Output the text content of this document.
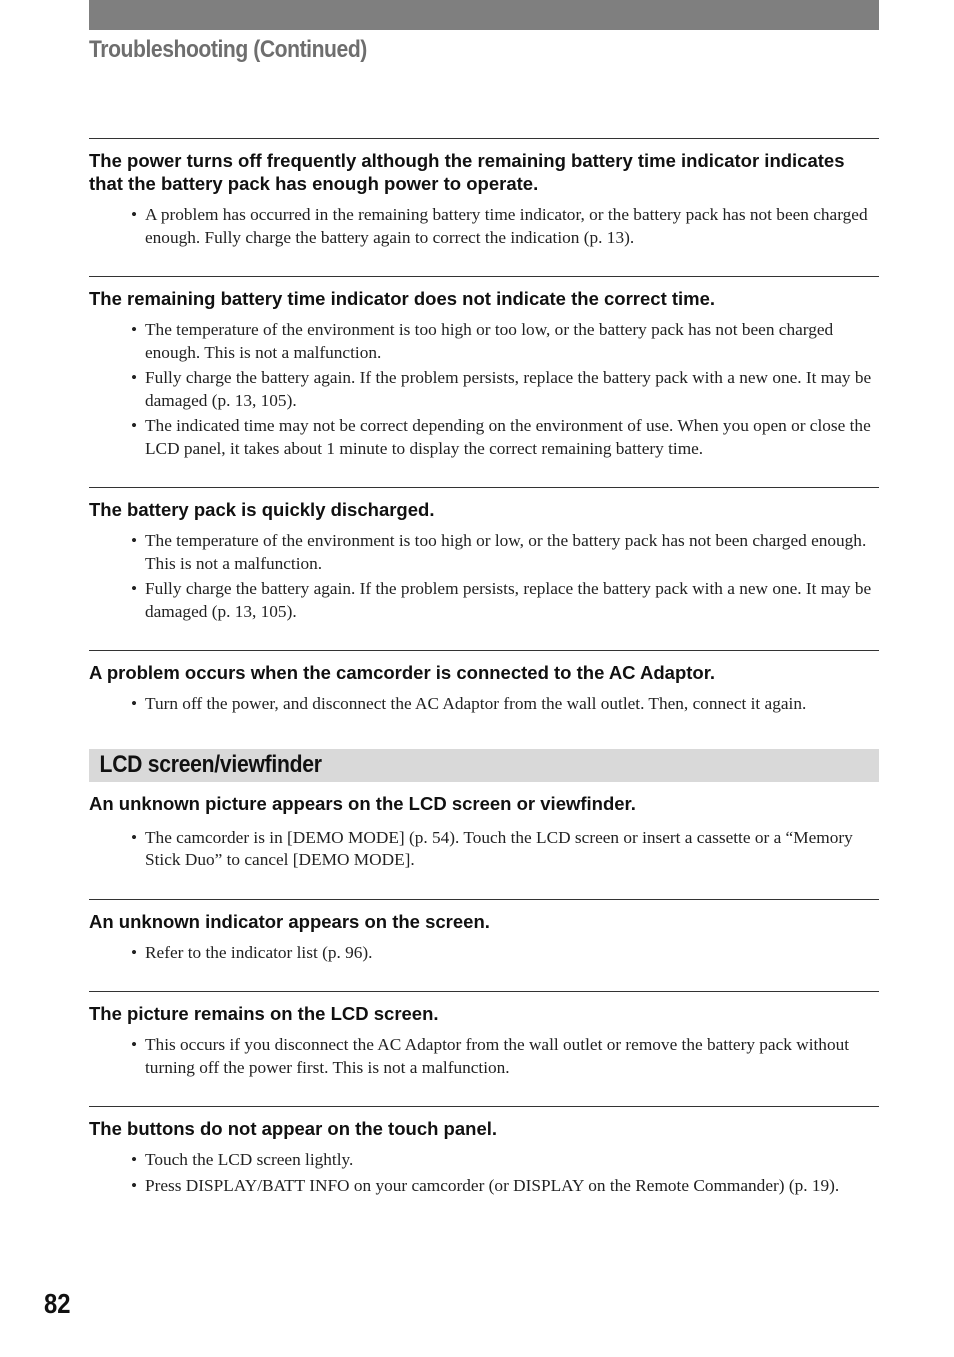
Troubleshooting (Continued)
The power turns off frequently although the remaining battery time indicator indicates that the battery pack has enough power to operate.
• A problem has occurred in the remaining battery time indicator, or the battery pack has not been charged enough. Fully charge the battery again to correct the indication (p. 13).
The remaining battery time indicator does not indicate the correct time.
• The temperature of the environment is too high or too low, or the battery pack has not been charged enough. This is not a malfunction.
• Fully charge the battery again. If the problem persists, replace the battery pack with a new one. It may be damaged (p. 13, 105).
• The indicated time may not be correct depending on the environment of use. When you open or close the LCD panel, it takes about 1 minute to display the correct remaining battery time.
The battery pack is quickly discharged.
• The temperature of the environment is too high or low, or the battery pack has not been charged enough. This is not a malfunction.
• Fully charge the battery again. If the problem persists, replace the battery pack with a new one. It may be damaged (p. 13, 105).
A problem occurs when the camcorder is connected to the AC Adaptor.
• Turn off the power, and disconnect the AC Adaptor from the wall outlet. Then, connect it again.
LCD screen/viewfinder
An unknown picture appears on the LCD screen or viewfinder.
• The camcorder is in [DEMO MODE] (p. 54). Touch the LCD screen or insert a cassette or a “Memory Stick Duo” to cancel [DEMO MODE].
An unknown indicator appears on the screen.
• Refer to the indicator list (p. 96).
The picture remains on the LCD screen.
• This occurs if you disconnect the AC Adaptor from the wall outlet or remove the battery pack without turning off the power first. This is not a malfunction.
The buttons do not appear on the touch panel.
• Touch the LCD screen lightly.
• Press DISPLAY/BATT INFO on your camcorder (or DISPLAY on the Remote Commander) (p. 19).

82
